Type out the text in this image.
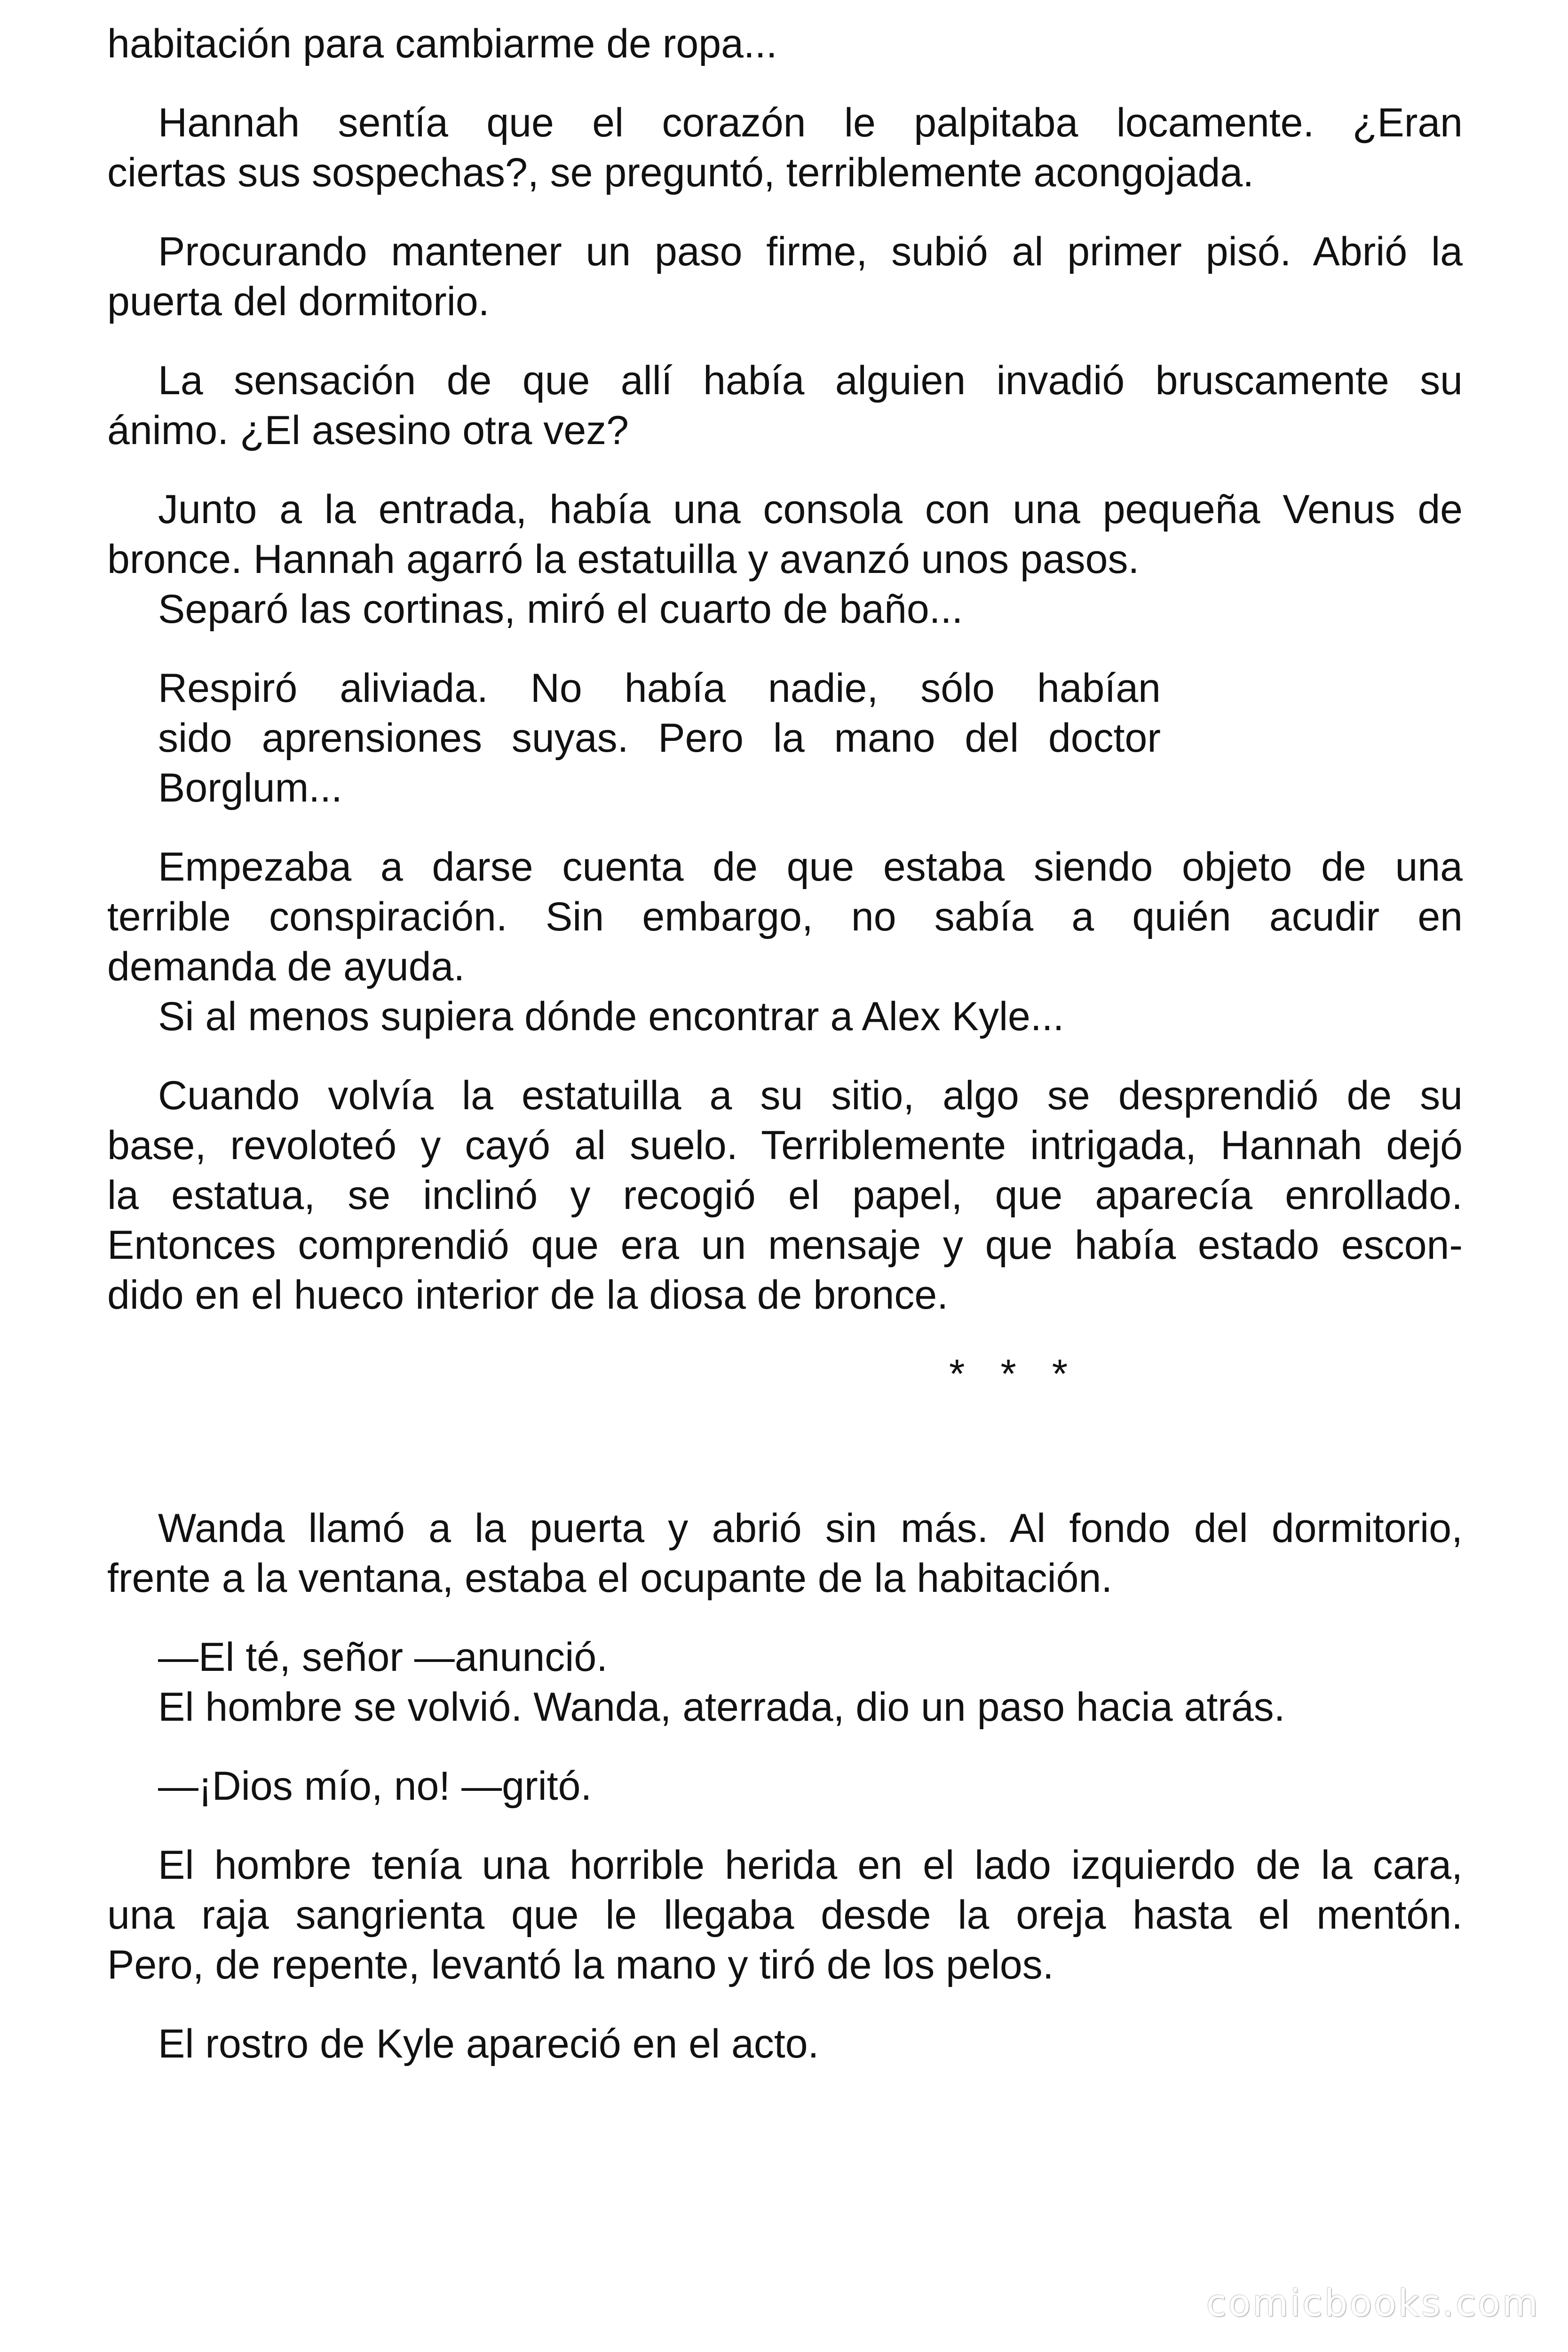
habitación para cambiarme de ropa...
Hannah sentía que el corazón le palpitaba locamente. ¿Eran
ciertas sus sospechas?, se preguntó, terriblemente acongojada.
Procurando mantener un paso firme, subió al primer pisó. Abrió la
puerta del dormitorio.
La sensación de que allí había alguien invadió bruscamente su
ánimo. ¿El asesino otra vez?
Junto a la entrada, había una consola con una pequeña Venus de
bronce. Hannah agarró la estatuilla y avanzó unos pasos.
Separó las cortinas, miró el cuarto de baño...
Respiró aliviada. No había nadie, sólo habían
sido aprensiones suyas. Pero la mano del doctor
Borglum...
Empezaba a darse cuenta de que estaba siendo objeto de una
terrible conspiración. Sin embargo, no sabía a quién acudir en
demanda de ayuda.
Si al menos supiera dónde encontrar a Alex Kyle...
Cuando volvía la estatuilla a su sitio, algo se desprendió de su
base, revoloteó y cayó al suelo. Terriblemente intrigada, Hannah dejó
la estatua, se inclinó y recogió el papel, que aparecía enrollado.
Entonces comprendió que era un mensaje y que había estado escon-
dido en el hueco interior de la diosa de bronce.
* * *
Wanda llamó a la puerta y abrió sin más. Al fondo del dormitorio,
frente a la ventana, estaba el ocupante de la habitación.
—El té, señor —anunció.
El hombre se volvió. Wanda, aterrada, dio un paso hacia atrás.
—¡Dios mío, no! —gritó.
El hombre tenía una horrible herida en el lado izquierdo de la cara,
una raja sangrienta que le llegaba desde la oreja hasta el mentón.
Pero, de repente, levantó la mano y tiró de los pelos.
El rostro de Kyle apareció en el acto.
comicbooks.com
